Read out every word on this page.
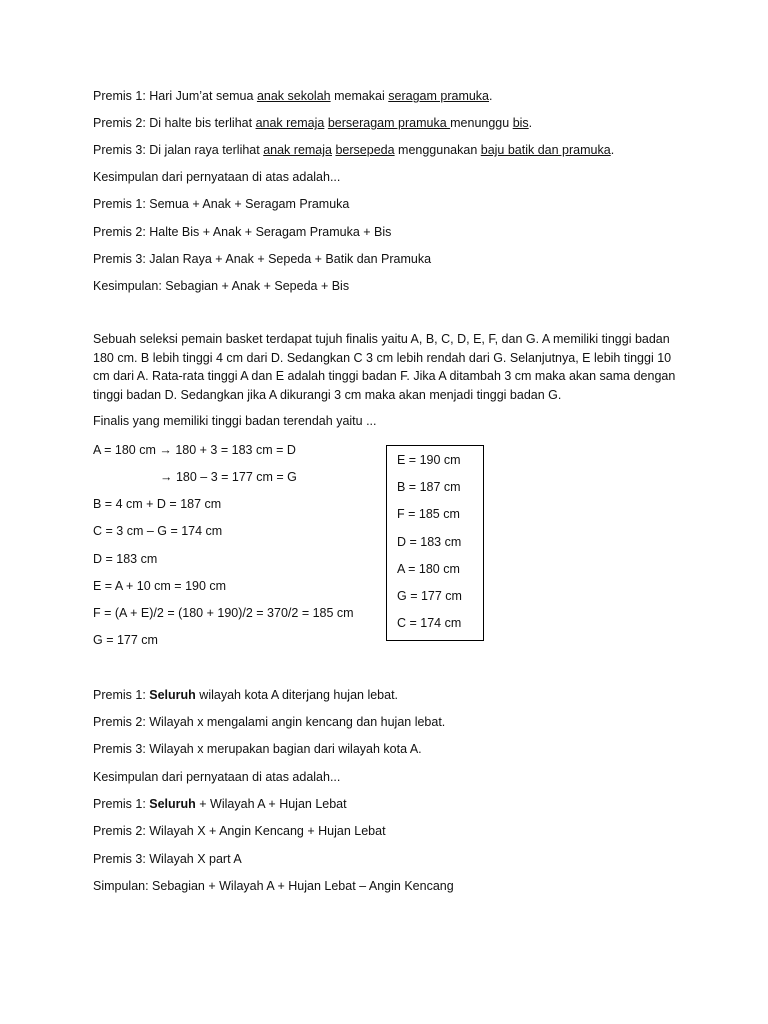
Premis 1: Hari Jum’at semua anak sekolah memakai seragam pramuka.
Premis 2: Di halte bis terlihat anak remaja berseragam pramuka menunggu bis.
Premis 3: Di jalan raya terlihat anak remaja bersepeda menggunakan baju batik dan pramuka.
Kesimpulan dari pernyataan di atas adalah...
Premis 1: Semua + Anak + Seragam Pramuka
Premis 2: Halte Bis + Anak + Seragam Pramuka + Bis
Premis 3: Jalan Raya + Anak + Sepeda + Batik dan Pramuka
Kesimpulan: Sebagian + Anak + Sepeda + Bis
Sebuah seleksi pemain basket terdapat tujuh finalis yaitu A, B, C, D, E, F, dan G. A memiliki tinggi badan 180 cm. B lebih tinggi 4 cm dari D. Sedangkan C 3 cm lebih rendah dari G. Selanjutnya, E lebih tinggi 10 cm dari A. Rata-rata tinggi A dan E adalah tinggi badan F. Jika A ditambah 3 cm maka akan sama dengan tinggi badan D. Sedangkan jika A dikurangi 3 cm maka akan menjadi tinggi badan G.
Finalis yang memiliki tinggi badan terendah yaitu ...
A = 180 cm → 180 + 3 = 183 cm = D
→ 180 – 3 = 177 cm = G
B = 4 cm + D = 187 cm
C = 3 cm – G = 174 cm
D = 183 cm
E = A + 10 cm = 190 cm
F = (A + E)/2 = (180 + 190)/2 = 370/2 = 185 cm
G = 177 cm
E = 190 cm
B = 187 cm
F = 185 cm
D = 183 cm
A = 180 cm
G = 177 cm
C = 174 cm
Premis 1: Seluruh wilayah kota A diterjang hujan lebat.
Premis 2: Wilayah x mengalami angin kencang dan hujan lebat.
Premis 3: Wilayah x merupakan bagian dari wilayah kota A.
Kesimpulan dari pernyataan di atas adalah...
Premis 1: Seluruh + Wilayah A + Hujan Lebat
Premis 2: Wilayah X + Angin Kencang + Hujan Lebat
Premis 3: Wilayah X part A
Simpulan: Sebagian + Wilayah A + Hujan Lebat – Angin Kencang
